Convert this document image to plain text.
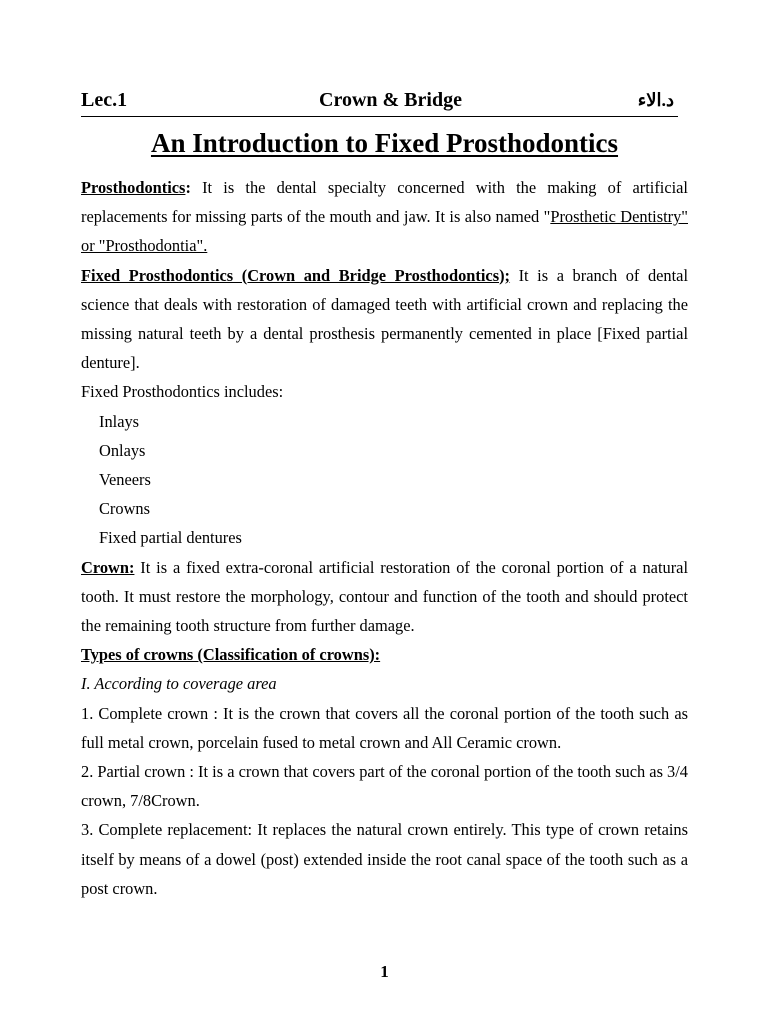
Lec.1	Crown & Bridge	د.الاء
An Introduction to Fixed Prosthodontics

Prosthodontics: It is the dental specialty concerned with the making of artificial replacements for missing parts of the mouth and jaw. It is also named "Prosthetic Dentistry" or "Prosthodontia".

Fixed Prosthodontics (Crown and Bridge Prosthodontics); It is a branch of dental science that deals with restoration of damaged teeth with artificial crown and replacing the missing natural teeth by a dental prosthesis permanently cemented in place [Fixed partial denture].

Fixed Prosthodontics includes:

Inlays
Onlays
Veneers
Crowns
Fixed partial dentures

Crown: It is a fixed extra-coronal artificial restoration of the coronal portion of a natural tooth. It must restore the morphology, contour and function of the tooth and should protect the remaining tooth structure from further damage.

Types of crowns (Classification of crowns):

I. According to coverage area

1. Complete crown : It is the crown that covers all the coronal portion of the tooth such as full metal crown, porcelain fused to metal crown and All Ceramic crown.

2. Partial crown : It is a crown that covers part of the coronal portion of the tooth such as 3/4 crown, 7/8Crown.

3. Complete replacement: It replaces the natural crown entirely. This type of crown retains itself by means of a dowel (post) extended inside the root canal space of the tooth such as a post crown.

1
